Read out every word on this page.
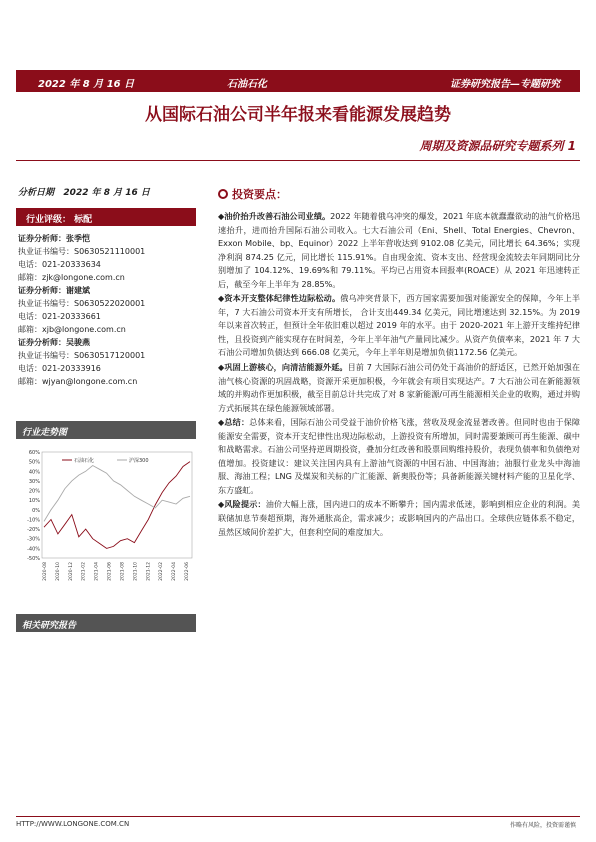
2022 年 8 月 16 日	石油石化	证券研究报告—专题研究
从国际石油公司半年报来看能源发展趋势
周期及资源品研究专题系列 1
分析日期 2022 年 8 月 16 日
行业评级： 标配
证券分析师：张季恺
执业证书编号：S0630521110001
电话：021-20333634
邮箱：zjk@longone.com.cn
证券分析师：谢建斌
执业证书编号：S0630522020001
电话：021-20333661
邮箱：xjb@longone.com.cn
证券分析师：吴骏燕
执业证书编号：S0630517120001
电话：021-20333916
邮箱：wjyan@longone.com.cn
行业走势图
60%
50%
40%
30%
20%
10%
0%
-10%
-20%
-30%
-40%
-50%
2020-08 2020-10 2020-12 2021-02 2021-04 2021-06 2021-08 2021-10 2021-12 2022-02 2022-04 2022-06
石油石化	沪深300
相关研究报告
投资要点：

◆油价抬升改善石油公司业绩。2022 年随着俄乌冲突的爆发，2021 年底本就蠢蠢欲动的油气价格迅速抬升，进而抬升国际石油公司收入。七大石油公司（Eni、Shell、Total Energies、Chevron、Exxon Mobile、bp、Equinor）2022 上半年营收达到 9102.08 亿美元，同比增长 64.36%；实现净利润 874.25 亿元，同比增长 115.91%。自由现金流、资本支出、经营现金流较去年同期同比分别增加了 104.12%、19.69%和 79.11%。平均已占用资本回报率(ROACE）从 2021 年迅速转正后，截至今年上半年为 28.85%。

◆资本开支整体纪律性边际松动。俄乌冲突背景下，西方国家需要加强对能源安全的保障，今年上半年，7 大石油公司资本开支有所增长， 合计支出449.34 亿美元，同比增速达到 32.15%。为 2019 年以来首次转正，但预计全年依旧难以超过 2019 年的水平。由于 2020-2021 年上游开支维持纪律性，且投资到产能实现存在时间差，今年上半年油气产量同比减少。从资产负债率来，2021 年 7 大石油公司增加负债达到 666.08 亿美元，今年上半年则是增加负债1172.56 亿美元。

◆巩固上游核心，向清洁能源外延。目前 7 大国际石油公司仍处于高油价的舒适区，已然开始加强在油气核心资源的巩固战略，资源开采更加积极，今年就会有项目实现达产。7 大石油公司在新能源领域的并购动作更加积极，截至目前总计共完成了对 8 家新能源/可再生能源相关企业的收购，通过并购方式拓展其在绿色能源领域部署。

◆总结：总体来看，国际石油公司受益于油价价格飞涨，营收及现金流显著改善。但同时也由于保障能源安全需要，资本开支纪律性出现边际松动，上游投资有所增加，同时需要兼顾可再生能源、碳中和战略需求。石油公司坚持逆周期投资，叠加分红改善和股票回购维持股价，表现负债率和负债绝对值增加。投资建议：建议关注国内具有上游油气资源的中国石油、中国海油；油服行业龙头中海油服、海油工程；LNG 及煤炭和关标的广汇能源、新奥股份等；具备新能源关键材料产能的卫星化学、东方盛虹。

◆风险提示：油价大幅上涨，国内进口的成本不断攀升；国内需求低迷，影响到相应企业的利润。美联储加息节奏超预期，海外通胀高企，需求减少；或影响国内的产品出口。全球供应链体系不稳定，虽然区域间价差扩大，但套利空间的难度加大。

HTTP://WWW.LONGONE.COM.CN	作略有风险，投资需谨慎
